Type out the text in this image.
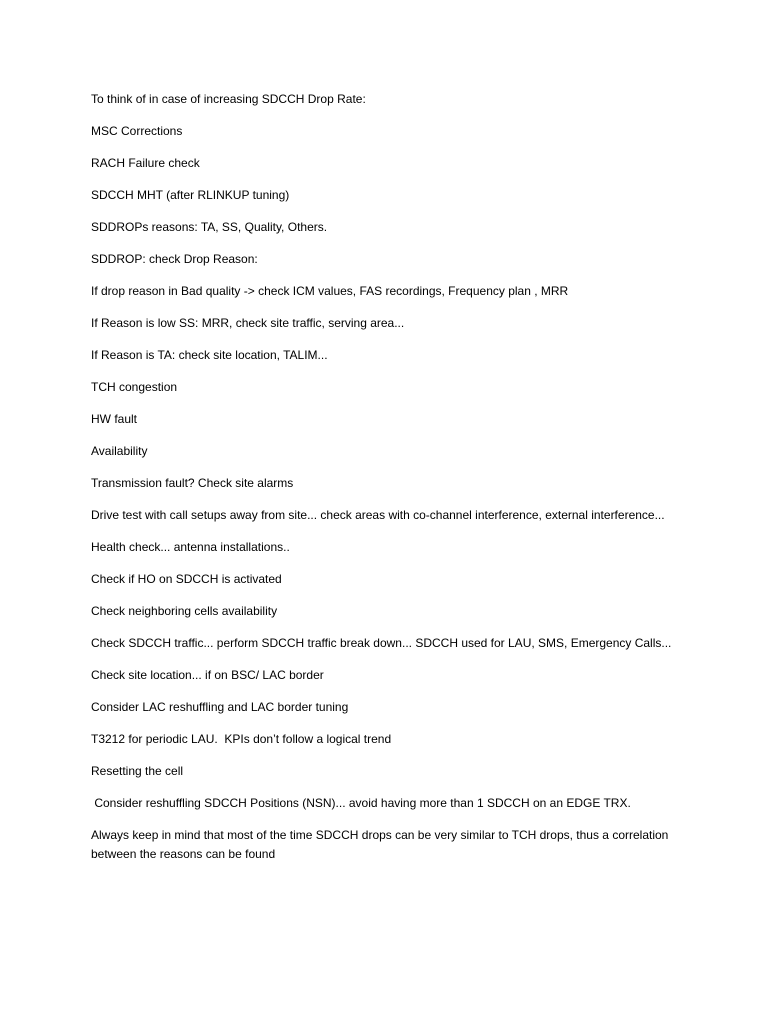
To think of in case of increasing SDCCH Drop Rate:

MSC Corrections

RACH Failure check

SDCCH MHT (after RLINKUP tuning)

SDDROPs reasons: TA, SS, Quality, Others.

SDDROP: check Drop Reason:

If drop reason in Bad quality -> check ICM values, FAS recordings, Frequency plan , MRR

If Reason is low SS: MRR, check site traffic, serving area...

If Reason is TA: check site location, TALIM...

TCH congestion

HW fault

Availability

Transmission fault? Check site alarms

Drive test with call setups away from site... check areas with co-channel interference, external interference...

Health check... antenna installations..

Check if HO on SDCCH is activated

Check neighboring cells availability

Check SDCCH traffic... perform SDCCH traffic break down... SDCCH used for LAU, SMS, Emergency Calls...

Check site location... if on BSC/ LAC border

Consider LAC reshuffling and LAC border tuning

T3212 for periodic LAU.  KPIs don’t follow a logical trend

Resetting the cell

Consider reshuffling SDCCH Positions (NSN)... avoid having more than 1 SDCCH on an EDGE TRX.

Always keep in mind that most of the time SDCCH drops can be very similar to TCH drops, thus a correlation between the reasons can be found
